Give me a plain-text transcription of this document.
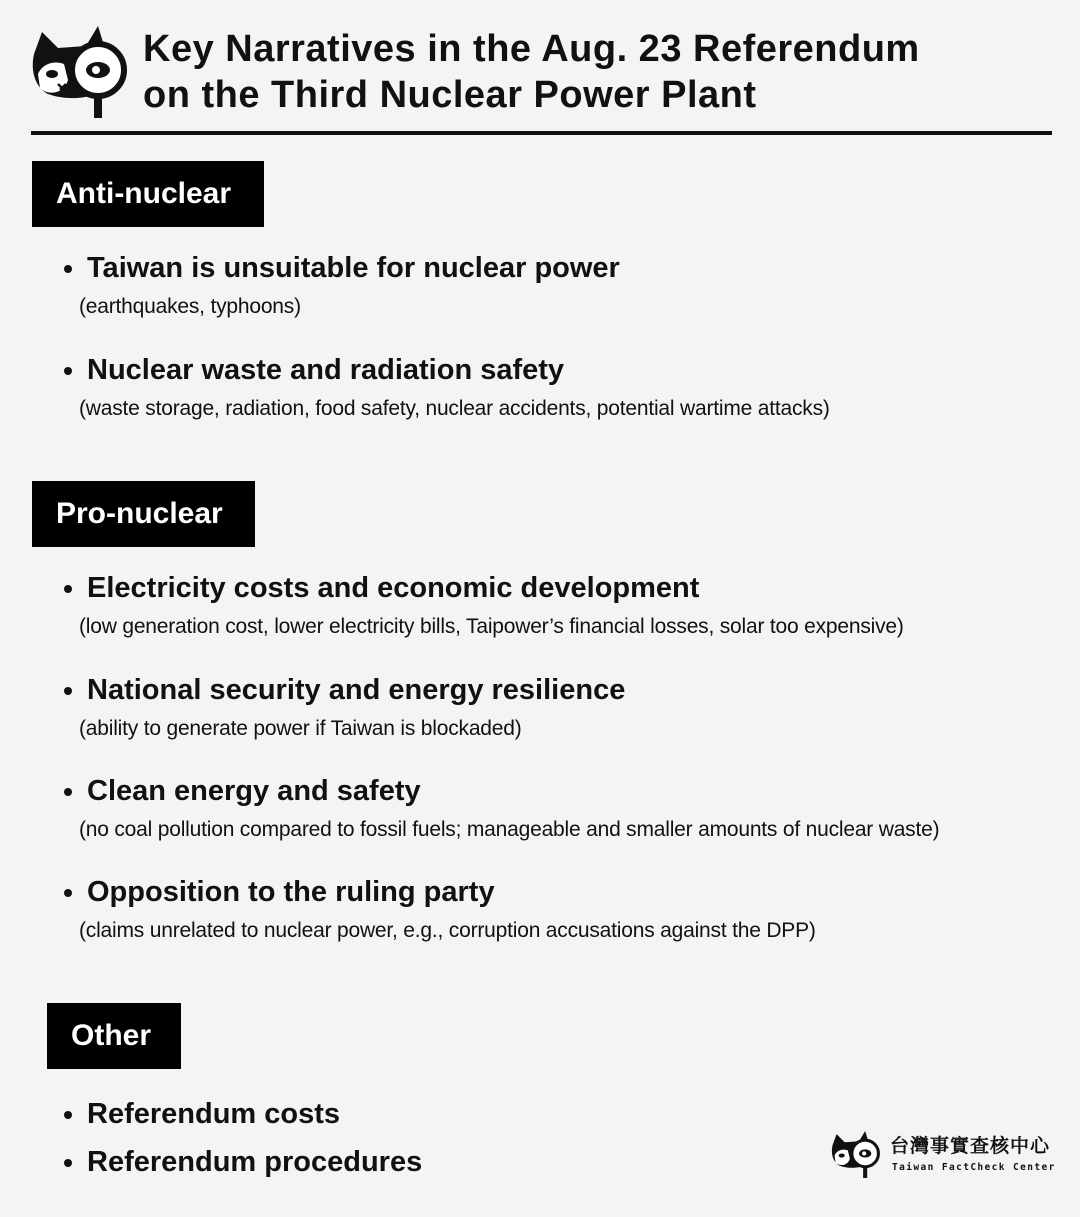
Key Narratives in the Aug. 23 Referendum
on the Third Nuclear Power Plant
Anti-nuclear
Taiwan is unsuitable for nuclear power
(earthquakes, typhoons)
Nuclear waste and radiation safety
(waste storage, radiation, food safety, nuclear accidents, potential wartime attacks)
Pro-nuclear
Electricity costs and economic development
(low generation cost, lower electricity bills, Taipower’s financial losses, solar too expensive)
National security and energy resilience
(ability to generate power if Taiwan is blockaded)
Clean energy and safety
(no coal pollution compared to fossil fuels; manageable and smaller amounts of nuclear waste)
Opposition to the ruling party
(claims unrelated to nuclear power, e.g., corruption accusations against the DPP)
Other
Referendum costs
Referendum procedures	台灣事實查核中心
Taiwan FactCheck Center
